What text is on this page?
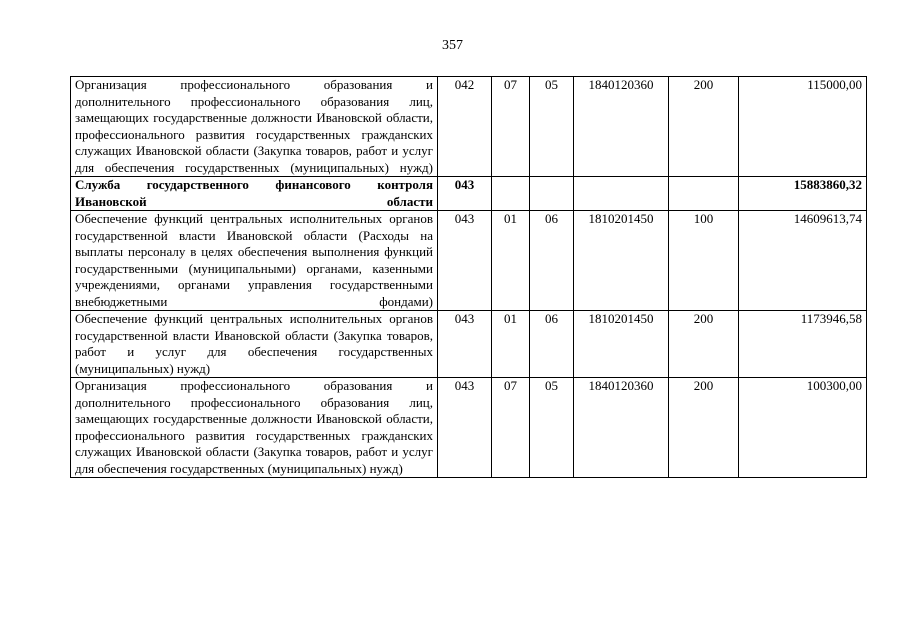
357
Организация профессионального образования и дополнительного профессионального образования лиц, замещающих государственные должности Ивановской области, профессионального развития государственных гражданских служащих Ивановской области (Закупка товаров, работ и услуг для обеспечения государственных (муниципальных) нужд)	042	07	05	1840120360	200	115000,00
Служба государственного финансового контроля Ивановской области	043					15883860,32
Обеспечение функций центральных исполнительных органов государственной власти Ивановской области (Расходы на выплаты персоналу в целях обеспечения выполнения функций государственными (муниципальными) органами, казенными учреждениями, органами управления государственными внебюджетными фондами)	043	01	06	1810201450	100	14609613,74
Обеспечение функций центральных исполнительных органов государственной власти Ивановской области (Закупка товаров, работ и услуг для обеспечения государственных (муниципальных) нужд)	043	01	06	1810201450	200	1173946,58
Организация профессионального образования и дополнительного профессионального образования лиц, замещающих государственные должности Ивановской области, профессионального развития государственных гражданских служащих Ивановской области (Закупка товаров, работ и услуг для обеспечения государственных (муниципальных) нужд)	043	07	05	1840120360	200	100300,00
